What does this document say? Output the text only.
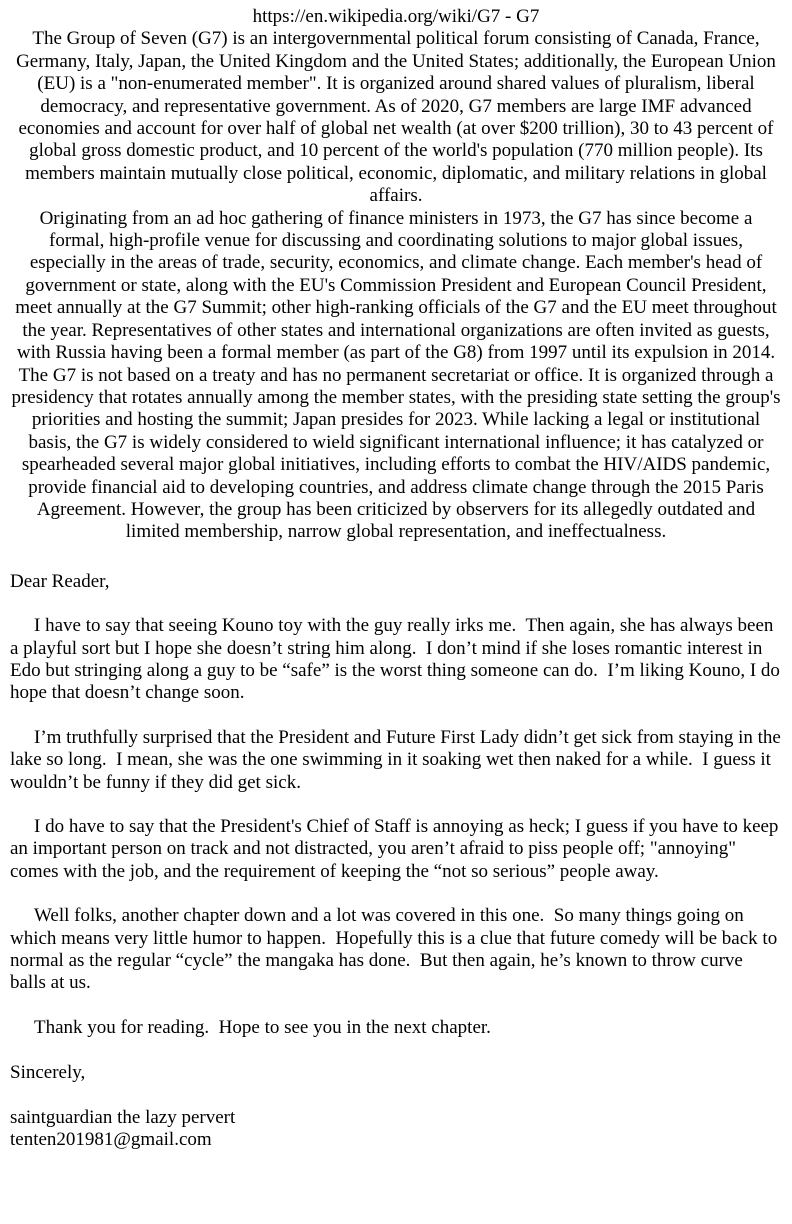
https://en.wikipedia.org/wiki/G7 - G7

The Group of Seven (G7) is an intergovernmental political forum consisting of Canada, France, Germany, Italy, Japan, the United Kingdom and the United States; additionally, the European Union (EU) is a "non-enumerated member". It is organized around shared values of pluralism, liberal democracy, and representative government. As of 2020, G7 members are large IMF advanced economies and account for over half of global net wealth (at over $200 trillion), 30 to 43 percent of global gross domestic product, and 10 percent of the world's population (770 million people). Its members maintain mutually close political, economic, diplomatic, and military relations in global affairs.

Originating from an ad hoc gathering of finance ministers in 1973, the G7 has since become a formal, high-profile venue for discussing and coordinating solutions to major global issues, especially in the areas of trade, security, economics, and climate change. Each member's head of government or state, along with the EU's Commission President and European Council President, meet annually at the G7 Summit; other high-ranking officials of the G7 and the EU meet throughout the year. Representatives of other states and international organizations are often invited as guests, with Russia having been a formal member (as part of the G8) from 1997 until its expulsion in 2014.

The G7 is not based on a treaty and has no permanent secretariat or office. It is organized through a presidency that rotates annually among the member states, with the presiding state setting the group's priorities and hosting the summit; Japan presides for 2023. While lacking a legal or institutional basis, the G7 is widely considered to wield significant international influence; it has catalyzed or spearheaded several major global initiatives, including efforts to combat the HIV/AIDS pandemic, provide financial aid to developing countries, and address climate change through the 2015 Paris Agreement. However, the group has been criticized by observers for its allegedly outdated and limited membership, narrow global representation, and ineffectualness.

Dear Reader,

I have to say that seeing Kouno toy with the guy really irks me.  Then again, she has always been a playful sort but I hope she doesn’t string him along.  I don’t mind if she loses romantic interest in Edo but stringing along a guy to be “safe” is the worst thing someone can do.  I’m liking Kouno, I do hope that doesn’t change soon.

I’m truthfully surprised that the President and Future First Lady didn’t get sick from staying in the lake so long.  I mean, she was the one swimming in it soaking wet then naked for a while.  I guess it wouldn’t be funny if they did get sick.

I do have to say that the President's Chief of Staff is annoying as heck; I guess if you have to keep an important person on track and not distracted, you aren’t afraid to piss people off; "annoying" comes with the job, and the requirement of keeping the “not so serious” people away.

Well folks, another chapter down and a lot was covered in this one.  So many things going on which means very little humor to happen.  Hopefully this is a clue that future comedy will be back to normal as the regular “cycle” the mangaka has done.  But then again, he’s known to throw curve balls at us.

Thank you for reading.  Hope to see you in the next chapter.

Sincerely,

saintguardian the lazy pervert

tenten201981@gmail.com
